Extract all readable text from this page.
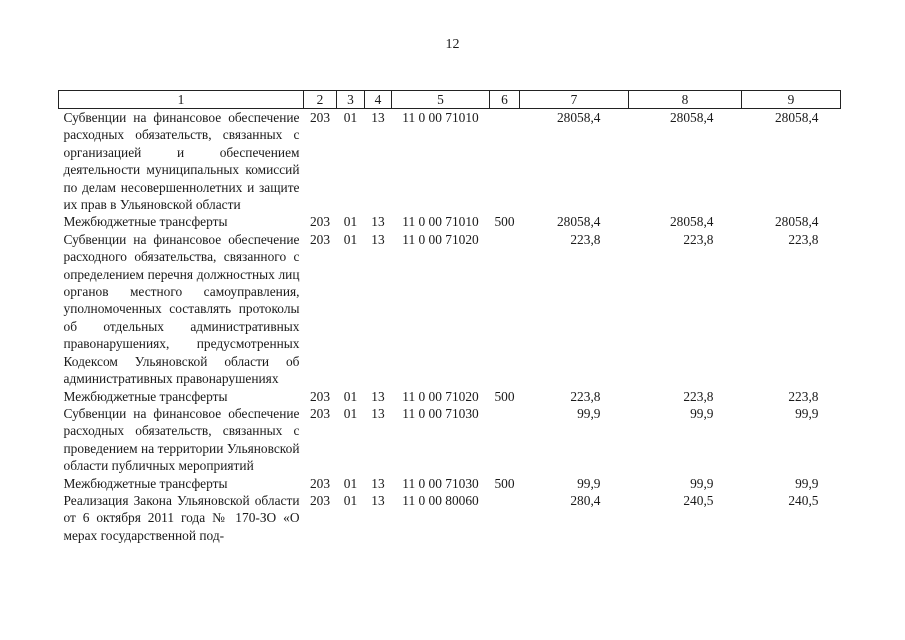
12
1	2	3	4	5	6	7	8	9
Субвенции на финансовое обеспечение расходных обязательств, связанных с организацией и обеспечением деятельности муниципальных комиссий по делам несовершеннолетних и защите их прав в Ульяновской области	203	01	13	11 0 00 71010		28058,4	28058,4	28058,4
Межбюджетные трансферты	203	01	13	11 0 00 71010	500	28058,4	28058,4	28058,4
Субвенции на финансовое обеспечение расходного обязательства, связанного с определением перечня должностных лиц органов местного самоуправления, уполномоченных составлять протоколы об отдельных административных правонарушениях, предусмотренных Кодексом Ульяновской области об административных правонарушениях	203	01	13	11 0 00 71020		223,8	223,8	223,8
Межбюджетные трансферты	203	01	13	11 0 00 71020	500	223,8	223,8	223,8
Субвенции на финансовое обеспечение расходных обязательств, связанных с проведением на территории Ульяновской области публичных мероприятий	203	01	13	11 0 00 71030		99,9	99,9	99,9
Межбюджетные трансферты	203	01	13	11 0 00 71030	500	99,9	99,9	99,9
Реализация Закона Ульяновской области от 6 октября 2011 года № 170-ЗО «О мерах государственной под-	203	01	13	11 0 00 80060		280,4	240,5	240,5
